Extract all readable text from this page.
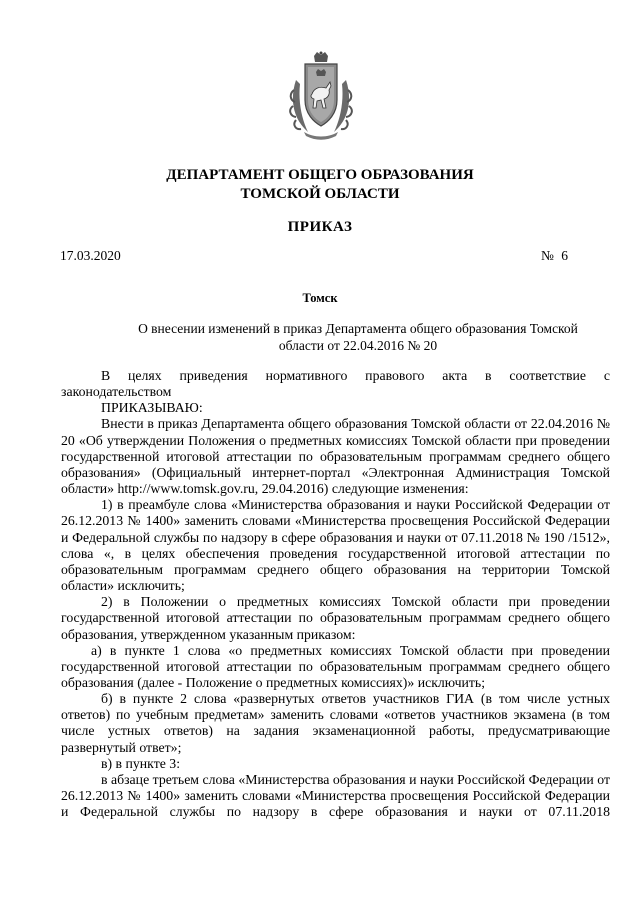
ДЕПАРТАМЕНТ ОБЩЕГО ОБРАЗОВАНИЯ
ТОМСКОЙ ОБЛАСТИ
ПРИКАЗ
17.03.2020	№ 6
Томск
О внесении изменений в приказ Департамента общего образования Томской
области от 22.04.2016 № 20

В целях приведения нормативного правового акта в соответствие с

законодательством

ПРИКАЗЫВАЮ:

Внести в приказ Департамента общего образования Томской области от 22.04.2016 № 20 «Об утверждении Положения о предметных комиссиях Томской области при проведении государственной итоговой аттестации по образовательным программам среднего общего образования» (Официальный интернет-портал «Электронная Администрация Томской области» http://www.tomsk.gov.ru, 29.04.2016) следующие изменения:

1) в преамбуле слова «Министерства образования и науки Российской Федерации от 26.12.2013 № 1400» заменить словами «Министерства просвещения Российской Федерации и Федеральной службы по надзору в сфере образования и науки от 07.11.2018 № 190 /1512», слова «, в целях обеспечения проведения государственной итоговой аттестации по образовательным программам среднего общего образования на территории Томской области» исключить;

2) в Положении о предметных комиссиях Томской области при проведении государственной итоговой аттестации по образовательным программам среднего общего образования, утвержденном указанным приказом:

а) в пункте 1 слова «о предметных комиссиях Томской области при проведении государственной итоговой аттестации по образовательным программам среднего общего образования (далее - Положение о предметных комиссиях)» исключить;

б) в пункте 2 слова «развернутых ответов участников ГИА (в том числе устных ответов) по учебным предметам» заменить словами «ответов участников экзамена (в том числе устных ответов) на задания экзаменационной работы, предусматривающие развернутый ответ»;

в) в пункте 3:

в абзаце третьем слова «Министерства образования и науки Российской Федерации от 26.12.2013 № 1400» заменить словами «Министерства просвещения Российской Федерации и Федеральной службы по надзору в сфере образования и науки от 07.11.2018
